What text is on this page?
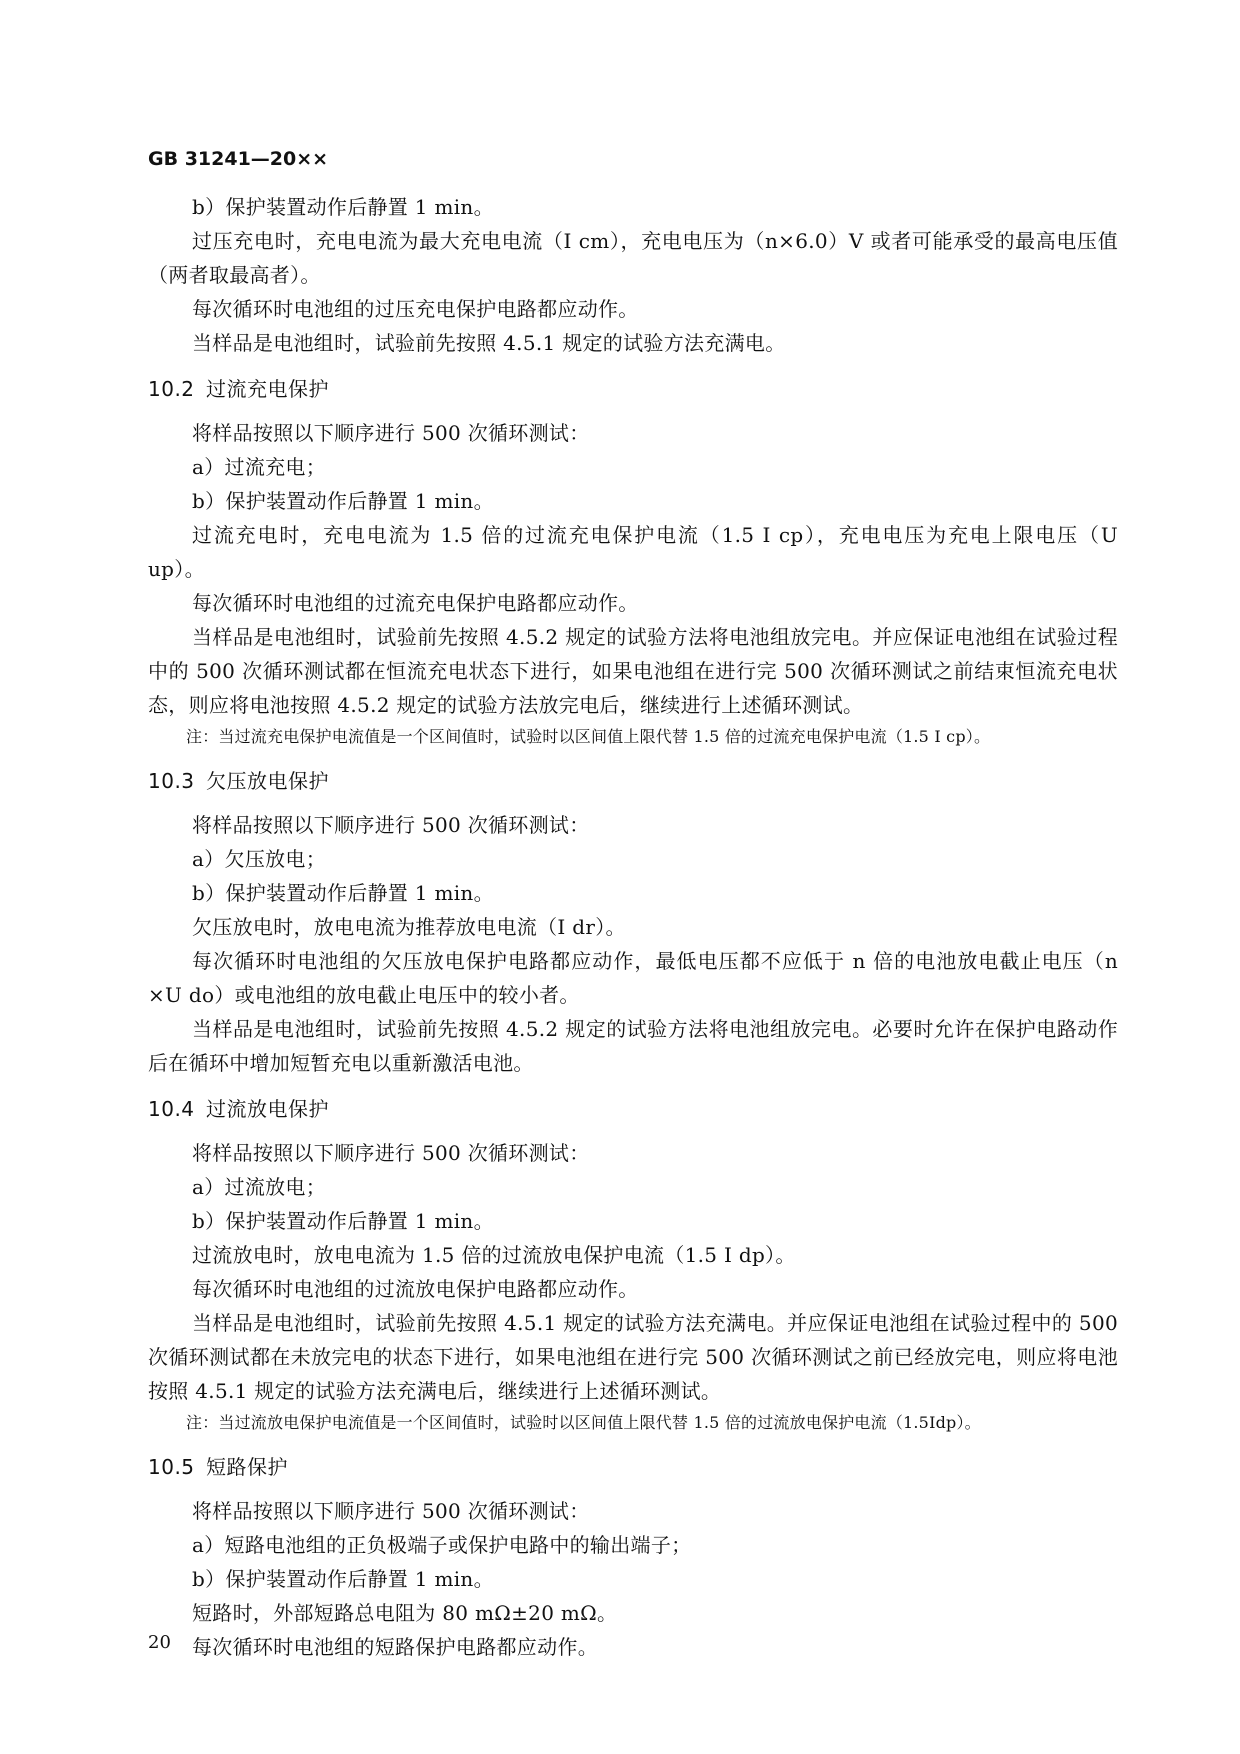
GB 31241—20××

b）保护装置动作后静置 1 min。

过压充电时，充电电流为最大充电电流（I cm），充电电压为（n×6.0）V 或者可能承受的最高电压值（两者取最高者）。

每次循环时电池组的过压充电保护电路都应动作。

当样品是电池组时，试验前先按照 4.5.1 规定的试验方法充满电。

10.2 过流充电保护

将样品按照以下顺序进行 500 次循环测试：

a）过流充电；

b）保护装置动作后静置 1 min。

过流充电时，充电电流为 1.5 倍的过流充电保护电流（1.5 I cp），充电电压为充电上限电压（U up）。

每次循环时电池组的过流充电保护电路都应动作。

当样品是电池组时，试验前先按照 4.5.2 规定的试验方法将电池组放完电。并应保证电池组在试验过程中的 500 次循环测试都在恒流充电状态下进行，如果电池组在进行完 500 次循环测试之前结束恒流充电状态，则应将电池按照 4.5.2 规定的试验方法放完电后，继续进行上述循环测试。

注：当过流充电保护电流值是一个区间值时，试验时以区间值上限代替 1.5 倍的过流充电保护电流（1.5 I cp）。

10.3 欠压放电保护

将样品按照以下顺序进行 500 次循环测试：

a）欠压放电；

b）保护装置动作后静置 1 min。

欠压放电时，放电电流为推荐放电电流（I dr）。

每次循环时电池组的欠压放电保护电路都应动作，最低电压都不应低于 n 倍的电池放电截止电压（n ×U do）或电池组的放电截止电压中的较小者。

当样品是电池组时，试验前先按照 4.5.2 规定的试验方法将电池组放完电。必要时允许在保护电路动作后在循环中增加短暂充电以重新激活电池。

10.4 过流放电保护

将样品按照以下顺序进行 500 次循环测试：

a）过流放电；

b）保护装置动作后静置 1 min。

过流放电时，放电电流为 1.5 倍的过流放电保护电流（1.5 I dp）。

每次循环时电池组的过流放电保护电路都应动作。

当样品是电池组时，试验前先按照 4.5.1 规定的试验方法充满电。并应保证电池组在试验过程中的 500 次循环测试都在未放完电的状态下进行，如果电池组在进行完 500 次循环测试之前已经放完电，则应将电池按照 4.5.1 规定的试验方法充满电后，继续进行上述循环测试。

注：当过流放电保护电流值是一个区间值时，试验时以区间值上限代替 1.5 倍的过流放电保护电流（1.5Idp）。

10.5 短路保护

将样品按照以下顺序进行 500 次循环测试：

a）短路电池组的正负极端子或保护电路中的输出端子；

b）保护装置动作后静置 1 min。

短路时，外部短路总电阻为 80 mΩ±20 mΩ。

每次循环时电池组的短路保护电路都应动作。

20
